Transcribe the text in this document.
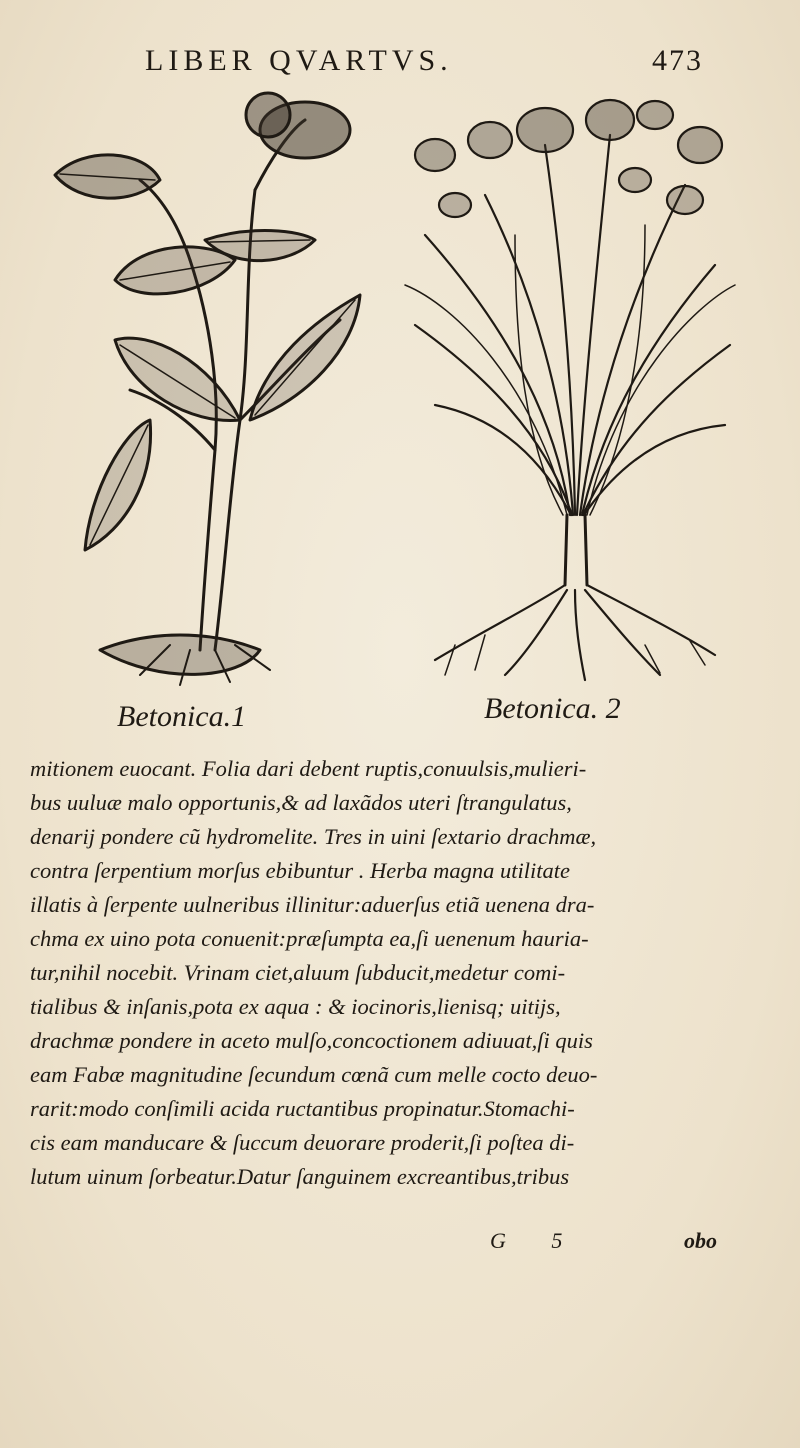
LIBER QVARTVS.	473
Betonica.1	Betonica. 2
mitionem euocant. Folia dari debent ruptis,conuulsis,mulieri-
bus uuluæ malo opportunis,& ad laxãdos uteri ſtrangulatus,
denarij pondere cũ hydromelite. Tres in uini ſextario drachmæ,
contra ſerpentium morſus ebibuntur . Herba magna utilitate
illatis à ſerpente uulneribus illinitur:aduerſus etiã uenena dra-
chma ex uino pota conuenit:præſumpta ea,ſi uenenum hauria-
tur,nihil nocebit. Vrinam ciet,aluum ſubducit,medetur comi-
tialibus & inſanis,pota ex aqua : & iocinoris,lienisq; uitijs,
drachmæ pondere in aceto mulſo,concoctionem adiuuat,ſi quis
eam Fabæ magnitudine ſecundum cœnã cum melle cocto deuo-
rarit:modo conſimili acida ructantibus propinatur.Stomachi-
cis eam manducare & ſuccum deuorare proderit,ſi poſtea di-
lutum uinum ſorbeatur.Datur ſanguinem excreantibus,tribus
G 5	obo
